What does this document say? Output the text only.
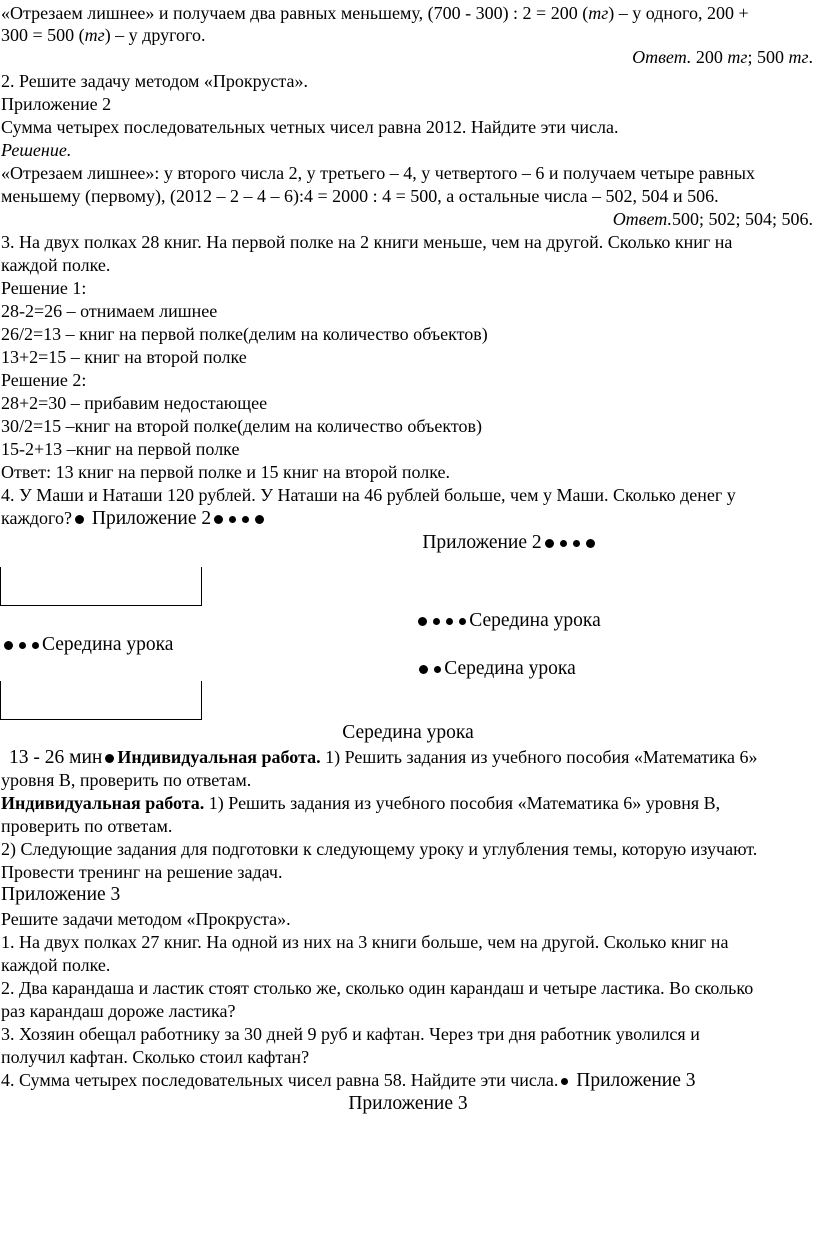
«Отрезаем лишнее» и получаем два равных меньшему, (700 - 300) : 2 = 200 (тг) – у одного, 200 +
300 = 500 (тг) – у другого.
Ответ. 200 тг; 500 тг.
2. Решите задачу методом «Прокруста».
Приложение 2
Сумма четырех последовательных четных чисел равна 2012. Найдите эти числа.
Решение.
«Отрезаем лишнее»: у второго числа 2, у третьего – 4, у четвертого – 6 и получаем четыре равных
меньшему (первому), (2012 – 2 – 4 – 6):4 = 2000 : 4 = 500, а остальные числа – 502, 504 и 506.
Ответ.500; 502; 504; 506.
3. На двух полках 28 книг. На первой полке на 2 книги меньше, чем на другой. Сколько книг на
каждой полке.
Решение 1:
28-2=26 – отнимаем лишнее
26/2=13 – книг на первой полке(делим на количество объектов)
13+2=15 – книг на второй полке
Решение 2:
28+2=30 – прибавим недостающее
30/2=15 –книг на второй полке(делим на количество объектов)
15-2+13 –книг на первой полке
Ответ: 13 книг на первой полке и 15 книг на второй полке.
4. У Маши и Наташи 120 рублей. У Наташи на 46 рублей больше, чем у Маши. Сколько денег у
каждого? Приложение 2
Приложение 2
Середина урока
Середина урока
Середина урока
Середина урока
13 - 26 мин Индивидуальная работа. 1) Решить задания из учебного пособия «Математика 6»
уровня В, проверить по ответам.
Индивидуальная работа. 1) Решить задания из учебного пособия «Математика 6» уровня В,
проверить по ответам.
2) Следующие задания для подготовки к следующему уроку и углубления темы, которую изучают.
Провести тренинг на решение задач.
Приложение 3
Решите задачи методом «Прокруста».
1. На двух полках 27 книг. На одной из них на 3 книги больше, чем на другой. Сколько книг на
каждой полке.
2. Два карандаша и ластик стоят столько же, сколько один карандаш и четыре ластика. Во сколько
раз карандаш дороже ластика?
3. Хозяин обещал работнику за 30 дней 9 руб и кафтан. Через три дня работник уволился и
получил кафтан. Сколько стоил кафтан?
4. Сумма четырех последовательных чисел равна 58. Найдите эти числа. Приложение 3
Приложение 3
